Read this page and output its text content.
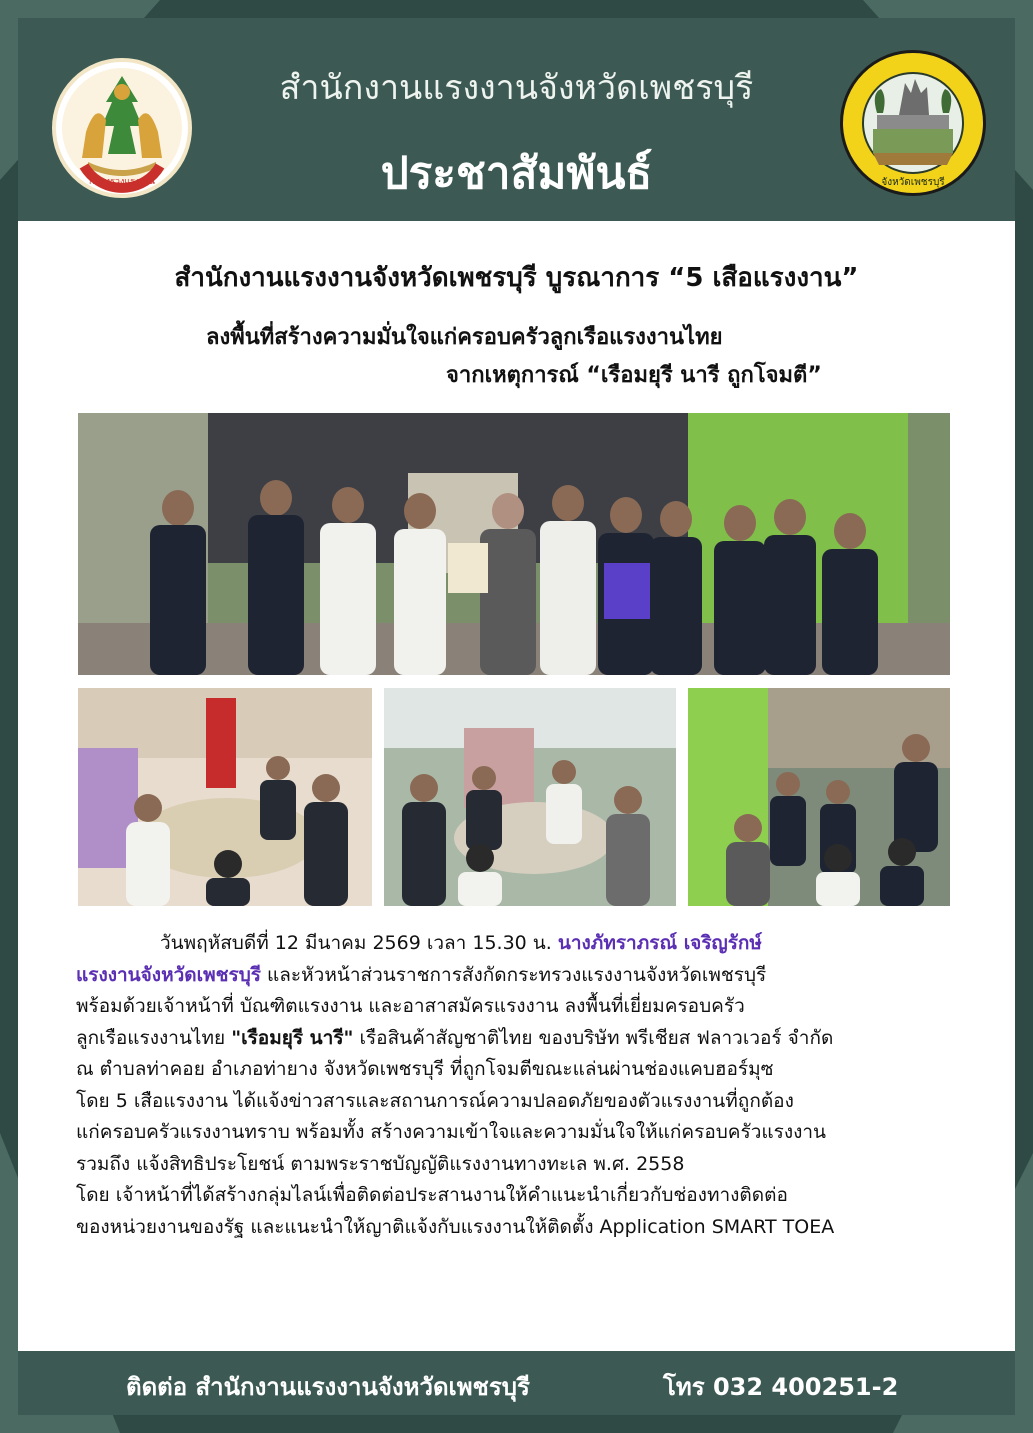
กระทรวงแรงงาน
สำนักงานแรงงานจังหวัดเพชรบุรี
ประชาสัมพันธ์	จังหวัดเพชรบุรี
สำนักงานแรงงานจังหวัดเพชรบุรี บูรณาการ “5 เสือแรงงาน”
ลงพื้นที่สร้างความมั่นใจแก่ครอบครัวลูกเรือแรงงานไทย
จากเหตุการณ์ “เรือมยุรี นารี ถูกโจมตี”

วันพฤหัสบดีที่ 12 มีนาคม 2569 เวลา 15.30 น. นางภัทราภรณ์ เจริญรักษ์

แรงงานจังหวัดเพชรบุรี และหัวหน้าส่วนราชการสังกัดกระทรวงแรงงานจังหวัดเพชรบุรี

พร้อมด้วยเจ้าหน้าที่ บัณฑิตแรงงาน และอาสาสมัครแรงงาน ลงพื้นที่เยี่ยมครอบครัว

ลูกเรือแรงงานไทย "เรือมยุรี นารี" เรือสินค้าสัญชาติไทย ของบริษัท พรีเชียส ฟลาวเวอร์ จำกัด

ณ ตำบลท่าคอย อำเภอท่ายาง จังหวัดเพชรบุรี ที่ถูกโจมตีขณะแล่นผ่านช่องแคบฮอร์มุซ

โดย 5 เสือแรงงาน ได้แจ้งข่าวสารและสถานการณ์ความปลอดภัยของตัวแรงงานที่ถูกต้อง

แก่ครอบครัวแรงงานทราบ พร้อมทั้ง สร้างความเข้าใจและความมั่นใจให้แก่ครอบครัวแรงงาน

รวมถึง แจ้งสิทธิประโยชน์ ตามพระราชบัญญัติแรงงานทางทะเล พ.ศ. 2558

โดย เจ้าหน้าที่ได้สร้างกลุ่มไลน์เพื่อติดต่อประสานงานให้คำแนะนำเกี่ยวกับช่องทางติดต่อ

ของหน่วยงานของรัฐ และแนะนำให้ญาติแจ้งกับแรงงานให้ติดตั้ง Application SMART TOEA

ติดต่อ สำนักงานแรงงานจังหวัดเพชรบุรี	โทร 032 400251-2
